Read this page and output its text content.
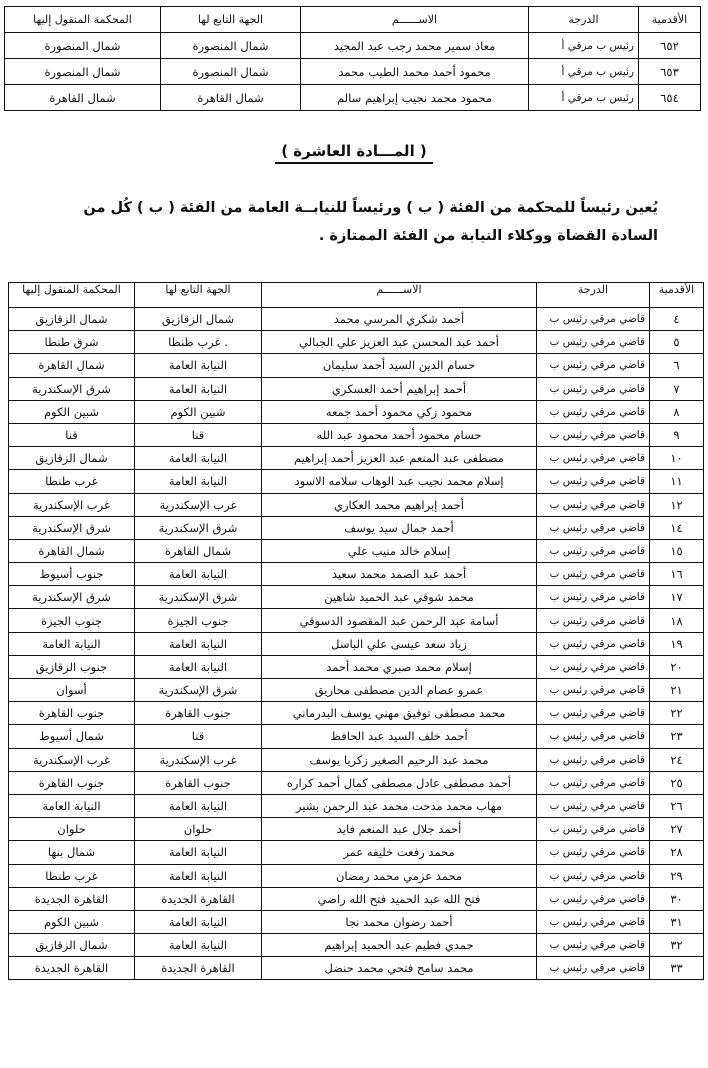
الأقدمية	الدرجة	الاســــــم	الجهة التابع لها	المحكمة المنقول إليها
٦٥٢	رئيس ب مرقي أ	معاذ سمير محمد رجب عبد المجيد	شمال المنصورة	شمال المنصورة
٦٥٣	رئيس ب مرقي أ	محمود أحمد محمد الطيب محمد	شمال المنصورة	شمال المنصورة
٦٥٤	رئيس ب مرقي أ	محمود محمد نجيب إبراهيم سالم	شمال القاهرة	شمال القاهرة
( المـــادة العاشرة )
يُعين رئيساً للمحكمة من الفئة ( ب ) ورئيساً للنيابــة العامة من الفئة ( ب ) كُل من السادة القضاة ووكلاء النيابة من الفئة الممتازة .
الأقدمية	الدرجة	الاســــــم	الجهة التابع لها	المحكمة المنقول إليها
٤	قاضي مرقي رئيس ب	أحمد شكري المرسي محمد	شمال الزقازيق	شمال الزقازيق
٥	قاضي مرقي رئيس ب	أحمد عبد المحسن عبد العزيز علي الجبالي	. غرب طنطا	شرق طنطا
٦	قاضي مرقي رئيس ب	حسام الدين السيد أحمد سليمان	النيابة العامة	شمال القاهرة
٧	قاضي مرقي رئيس ب	أحمد إبراهيم أحمد العسكري	النيابة العامة	شرق الإسكندرية
٨	قاضي مرقي رئيس ب	محمود زكي محمود أحمد جمعه	شبين الكوم	شبين الكوم
٩	قاضي مرقي رئيس ب	حسام محمود أحمد محمود عبد الله	قنا	قنا
١٠	قاضي مرقي رئيس ب	مصطفى عبد المنعم عبد العزيز أحمد إبراهيم	النيابة العامة	شمال الزقازيق
١١	قاضي مرقي رئيس ب	إسلام محمد نجيب عبد الوهاب سلامه الاسود	النيابة العامة	غرب طنطا
١٢	قاضي مرقي رئيس ب	أحمد إبراهيم محمد العكاري	غرب الإسكندرية	غرب الإسكندرية
١٤	قاضي مرقي رئيس ب	أحمد جمال سيد يوسف	شرق الإسكندرية	شرق الإسكندرية
١٥	قاضي مرقي رئيس ب	إسلام خالد منيب علي	شمال القاهرة	شمال القاهرة
١٦	قاضي مرقي رئيس ب	أحمد عبد الصمد محمد سعيد	النيابة العامة	جنوب أسيوط
١٧	قاضي مرقي رئيس ب	محمد شوقي عبد الحميد شاهين	شرق الإسكندرية	شرق الإسكندرية
١٨	قاضي مرقي رئيس ب	أسامة عبد الرحمن عبد المقصود الدسوقي	جنوب الجيزة	جنوب الجيزة
١٩	قاضي مرقي رئيس ب	زياد سعد عيسى علي الباسل	النيابة العامة	النيابة العامة
٢٠	قاضي مرقي رئيس ب	إسلام محمد صبري محمد أحمد	النيابة العامة	جنوب الزقازيق
٢١	قاضي مرقي رئيس ب	عمرو عصام الدين مصطفى محاريق	شرق الإسكندرية	أسوان
٢٢	قاضي مرقي رئيس ب	محمد مصطفى توفيق مهني يوسف البدرماني	جنوب القاهرة	جنوب القاهرة
٢٣	قاضي مرقي رئيس ب	أحمد خلف السيد عبد الحافظ	قنا	شمال أسيوط
٢٤	قاضي مرقي رئيس ب	محمد عبد الرحيم الصغير زكريا يوسف	غرب الإسكندرية	غرب الإسكندرية
٢٥	قاضي مرقي رئيس ب	أحمد مصطفى عادل مصطفى كمال أحمد كراره	جنوب القاهرة	جنوب القاهرة
٢٦	قاضي مرقي رئيس ب	مهاب محمد مدحت محمد عبد الرحمن بشير	النيابة العامة	النيابة العامة
٢٧	قاضي مرقي رئيس ب	أحمد جلال عبد المنعم فايد	حلوان	حلوان
٢٨	قاضي مرقي رئيس ب	محمد رفعت خليفه عمر	النيابة العامة	شمال بنها
٢٩	قاضي مرقي رئيس ب	محمد عزمي محمد رمضان	النيابة العامة	غرب طنطا
٣٠	قاضي مرقي رئيس ب	فتح الله عبد الحميد فتح الله راضي	القاهرة الجديدة	القاهرة الجديدة
٣١	قاضي مرقي رئيس ب	أحمد رضوان محمد نجا	النيابة العامة	شبين الكوم
٣٢	قاضي مرقي رئيس ب	حمدي فطيم عبد الحميد إبراهيم	النيابة العامة	شمال الزقازيق
٣٣	قاضي مرقي رئيس ب	محمد سامح فتحي محمد حنضل	القاهرة الجديدة	القاهرة الجديدة
